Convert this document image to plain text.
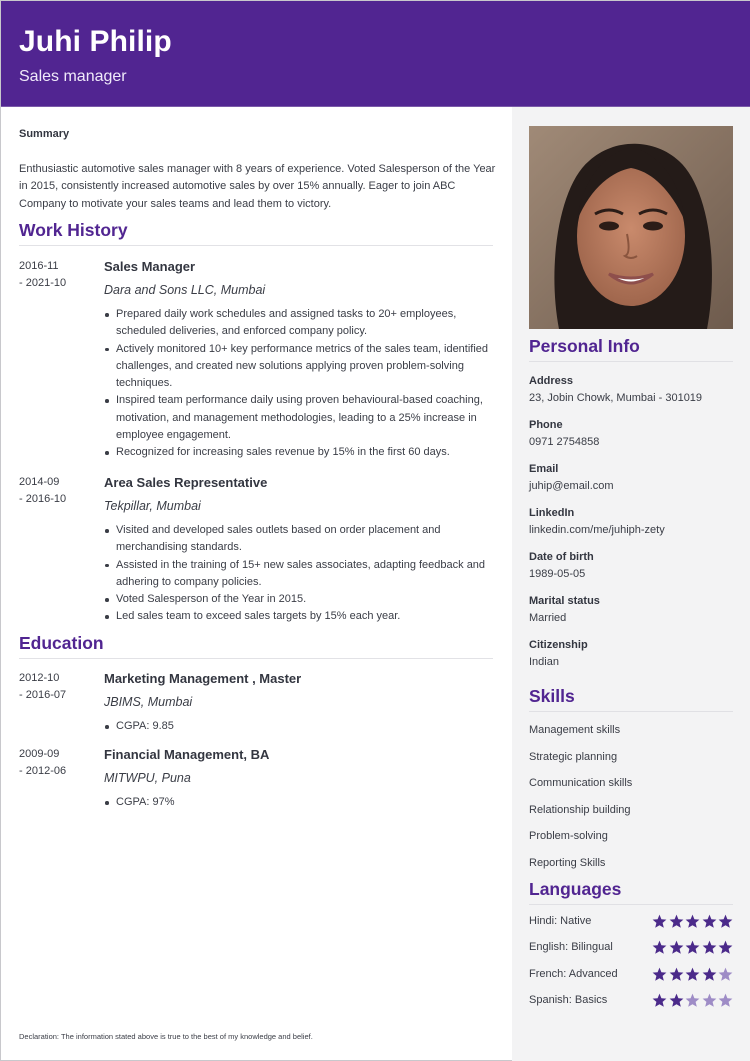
Juhi Philip
Sales manager
Summary
Enthusiastic automotive sales manager with 8 years of experience. Voted Salesperson of the Year in 2015, consistently increased automotive sales by over 15% annually. Eager to join ABC Company to motivate your sales teams and lead them to victory.
Work History
2016-11
- 2021-10
Sales Manager
Dara and Sons LLC, Mumbai
Prepared daily work schedules and assigned tasks to 20+ employees, scheduled deliveries, and enforced company policy.
Actively monitored 10+ key performance metrics of the sales team, identified challenges, and created new solutions applying proven problem-solving techniques.
Inspired team performance daily using proven behavioural-based coaching, motivation, and management methodologies, leading to a 25% increase in employee engagement.
Recognized for increasing sales revenue by 15% in the first 60 days.
2014-09
- 2016-10
Area Sales Representative
Tekpillar, Mumbai
Visited and developed sales outlets based on order placement and merchandising standards.
Assisted in the training of 15+ new sales associates, adapting feedback and adhering to company policies.
Voted Salesperson of the Year in 2015.
Led sales team to exceed sales targets by 15% each year.
Education
2012-10
- 2016-07
Marketing Management , Master
JBIMS, Mumbai
CGPA: 9.85
2009-09
- 2012-06
Financial Management, BA
MITWPU, Puna
CGPA: 97%
Declaration: The information stated above is true to the best of my knowledge and belief.
Personal Info
Address
23, Jobin Chowk, Mumbai - 301019
Phone
0971 2754858
Email
juhip@email.com
LinkedIn
linkedin.com/me/juhiph-zety
Date of birth
1989-05-05
Marital status
Married
Citizenship
Indian
Skills
Management skills
Strategic planning
Communication skills
Relationship building
Problem-solving
Reporting Skills
Languages
Hindi: Native
English: Bilingual
French: Advanced
Spanish: Basics
